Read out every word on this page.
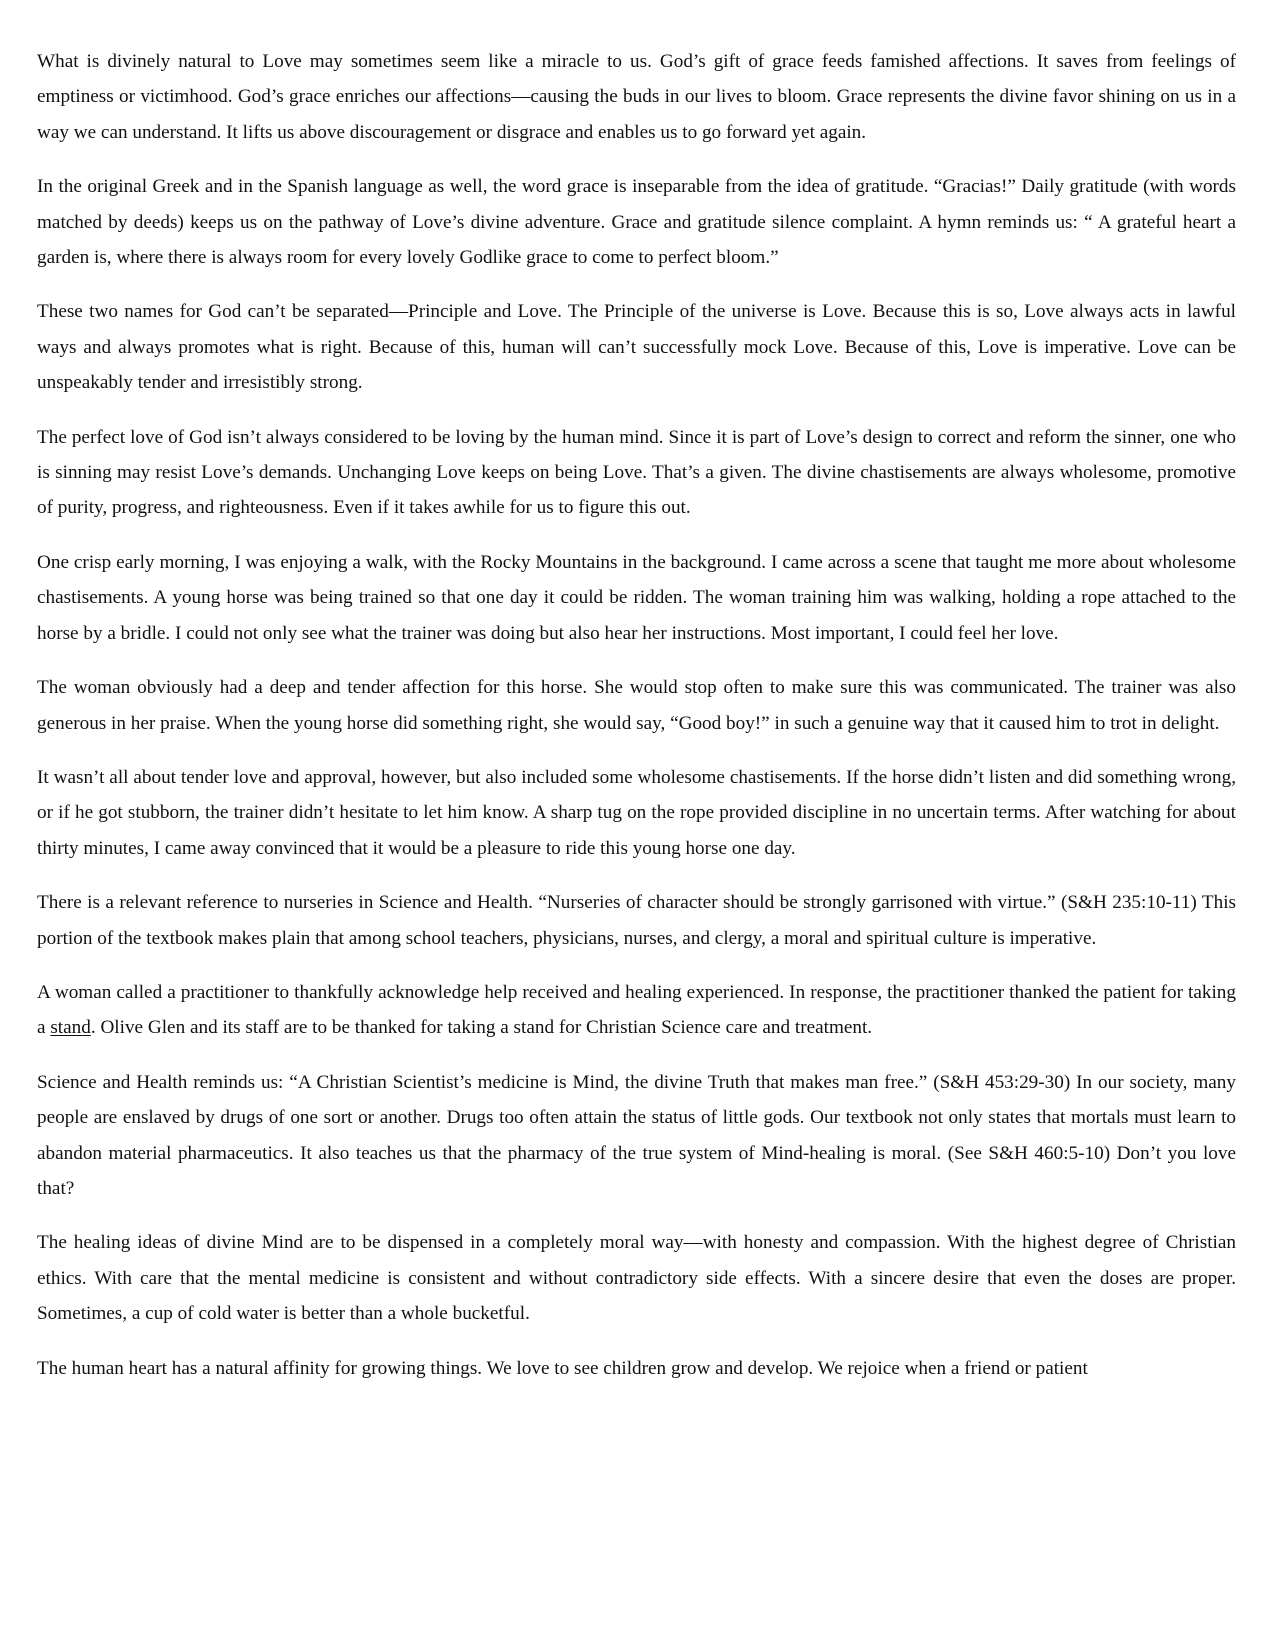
What is divinely natural to Love may sometimes seem like a miracle to us. God’s gift of grace feeds famished affections. It saves from feelings of emptiness or victimhood. God’s grace enriches our affections—causing the buds in our lives to bloom. Grace represents the divine favor shining on us in a way we can understand. It lifts us above discouragement or disgrace and enables us to go forward yet again.

In the original Greek and in the Spanish language as well, the word grace is inseparable from the idea of gratitude. “Gracias!” Daily gratitude (with words matched by deeds) keeps us on the pathway of Love’s divine adventure. Grace and gratitude silence complaint. A hymn reminds us: “ A grateful heart a garden is, where there is always room for every lovely Godlike grace to come to perfect bloom.”

These two names for God can’t be separated—Principle and Love. The Principle of the universe is Love. Because this is so, Love always acts in lawful ways and always promotes what is right. Because of this, human will can’t successfully mock Love. Because of this, Love is imperative. Love can be unspeakably tender and irresistibly strong.

The perfect love of God isn’t always considered to be loving by the human mind. Since it is part of Love’s design to correct and reform the sinner, one who is sinning may resist Love’s demands. Unchanging Love keeps on being Love. That’s a given. The divine chastisements are always wholesome, promotive of purity, progress, and righteousness. Even if it takes awhile for us to figure this out.

One crisp early morning, I was enjoying a walk, with the Rocky Mountains in the background. I came across a scene that taught me more about wholesome chastisements. A young horse was being trained so that one day it could be ridden. The woman training him was walking, holding a rope attached to the horse by a bridle. I could not only see what the trainer was doing but also hear her instructions. Most important, I could feel her love.

The woman obviously had a deep and tender affection for this horse. She would stop often to make sure this was communicated. The trainer was also generous in her praise. When the young horse did something right, she would say, “Good boy!” in such a genuine way that it caused him to trot in delight.

It wasn’t all about tender love and approval, however, but also included some wholesome chastisements. If the horse didn’t listen and did something wrong, or if he got stubborn, the trainer didn’t hesitate to let him know. A sharp tug on the rope provided discipline in no uncertain terms. After watching for about thirty minutes, I came away convinced that it would be a pleasure to ride this young horse one day.

There is a relevant reference to nurseries in Science and Health. “Nurseries of character should be strongly garrisoned with virtue.” (S&H 235:10-11) This portion of the textbook makes plain that among school teachers, physicians, nurses, and clergy, a moral and spiritual culture is imperative.

A woman called a practitioner to thankfully acknowledge help received and healing experienced. In response, the practitioner thanked the patient for taking a stand. Olive Glen and its staff are to be thanked for taking a stand for Christian Science care and treatment.

Science and Health reminds us: “A Christian Scientist’s medicine is Mind, the divine Truth that makes man free.” (S&H 453:29-30) In our society, many people are enslaved by drugs of one sort or another. Drugs too often attain the status of little gods. Our textbook not only states that mortals must learn to abandon material pharmaceutics. It also teaches us that the pharmacy of the true system of Mind-healing is moral. (See S&H 460:5-10) Don’t you love that?

The healing ideas of divine Mind are to be dispensed in a completely moral way—with honesty and compassion. With the highest degree of Christian ethics. With care that the mental medicine is consistent and without contradictory side effects. With a sincere desire that even the doses are proper. Sometimes, a cup of cold water is better than a whole bucketful.

The human heart has a natural affinity for growing things. We love to see children grow and develop. We rejoice when a friend or patient
